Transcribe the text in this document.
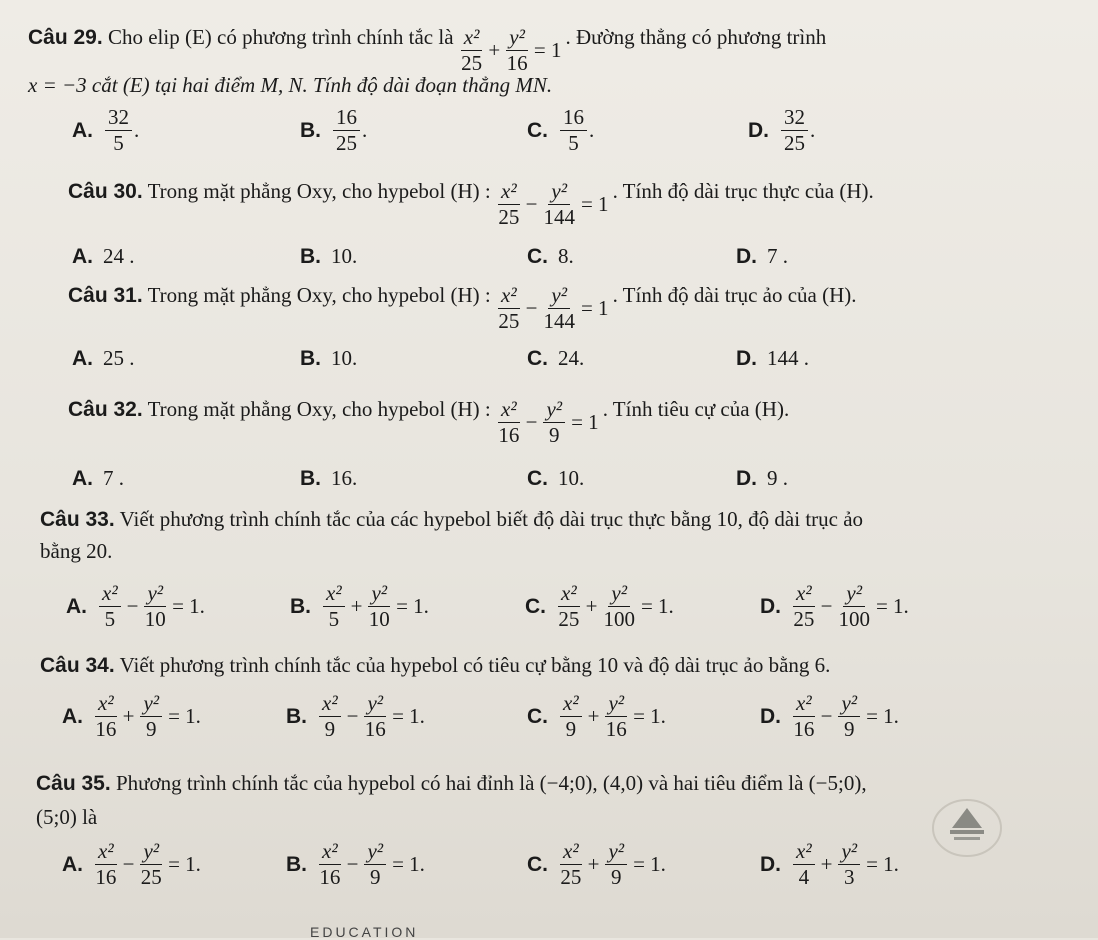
Câu 29. Cho elip (E) có phương trình chính tắc là $\frac{\text{x²}}{25} + \frac{\text{y²}}{16} = 1$
. Đường thẳng có phương trình
x = −3 cắt (E) tại hai điểm M, N. Tính độ dài đoạn thẳng MN.
A. $\frac{32}{5}$ .	B. $\frac{16}{25}$ .	C. $\frac{16}{5}$ .	D. $\frac{32}{25}$ .
Câu 30. Trong mặt phẳng Oxy, cho hypebol (H) : $\frac{\text{x²}}{25} - \frac{\text{y²}}{144} = 1$
. Tính độ dài trục thực của (H).
A. 24 .	B. 10.	C. 8.	D. 7 .
Câu 31. Trong mặt phẳng Oxy, cho hypebol (H) : $\frac{\text{x²}}{25} - \frac{\text{y²}}{144} = 1$
. Tính độ dài trục ảo của (H).
A. 25 .	B. 10.	C. 24.	D. 144 .
Câu 32. Trong mặt phẳng Oxy, cho hypebol (H) : $\frac{\text{x²}}{16} - \frac{\text{y²}}{9} = 1$
. Tính tiêu cự của (H).
A. 7 .	B. 16.	C. 10.	D. 9 .
Câu 33. Viết phương trình chính tắc của các hypebol biết độ dài trục thực bằng 10, độ dài trục ảo
bằng 20.
A. $\frac{\text{x²}}{5} - \frac{\text{y²}}{10} = 1$.	B. $\frac{\text{x²}}{5} + \frac{\text{y²}}{10} = 1$.	C. $\frac{\text{x²}}{25} + \frac{\text{y²}}{100} = 1$.	D. $\frac{\text{x²}}{25} - \frac{\text{y²}}{100} = 1$.
Câu 34. Viết phương trình chính tắc của hypebol có tiêu cự bằng 10 và độ dài trục ảo bằng 6.
A. $\frac{\text{x²}}{16} + \frac{\text{y²}}{9} = 1$.	B. $\frac{\text{x²}}{9} - \frac{\text{y²}}{16} = 1$.	C. $\frac{\text{x²}}{9} + \frac{\text{y²}}{16} = 1$.	D. $\frac{\text{x²}}{16} - \frac{\text{y²}}{9} = 1$.
Câu 35. Phương trình chính tắc của hypebol có hai đỉnh là (−4;0), (4,0) và hai tiêu điểm là (−5;0),
(5;0) là
A. $\frac{\text{x²}}{16} - \frac{\text{y²}}{25} = 1$.	B. $\frac{\text{x²}}{16} - \frac{\text{y²}}{9} = 1$.	C. $\frac{\text{x²}}{25} + \frac{\text{y²}}{9} = 1$.	D. $\frac{\text{x²}}{4} + \frac{\text{y²}}{3} = 1$.
EDUCATION
